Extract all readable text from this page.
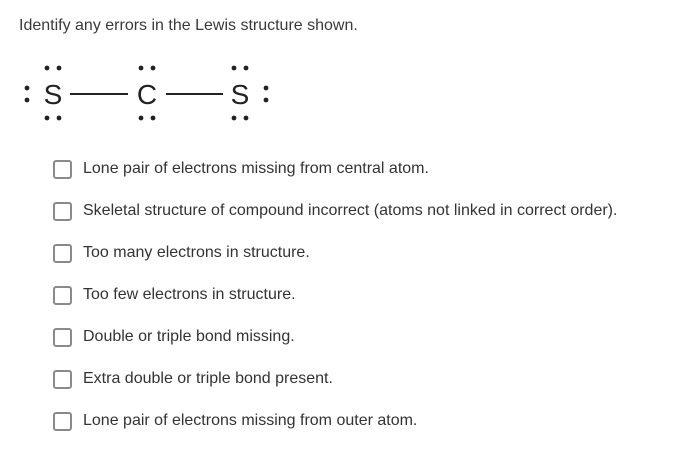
Identify any errors in the Lewis structure shown.
S	C	S
Lone pair of electrons missing from central atom.
Skeletal structure of compound incorrect (atoms not linked in correct order).
Too many electrons in structure.
Too few electrons in structure.
Double or triple bond missing.
Extra double or triple bond present.
Lone pair of electrons missing from outer atom.
